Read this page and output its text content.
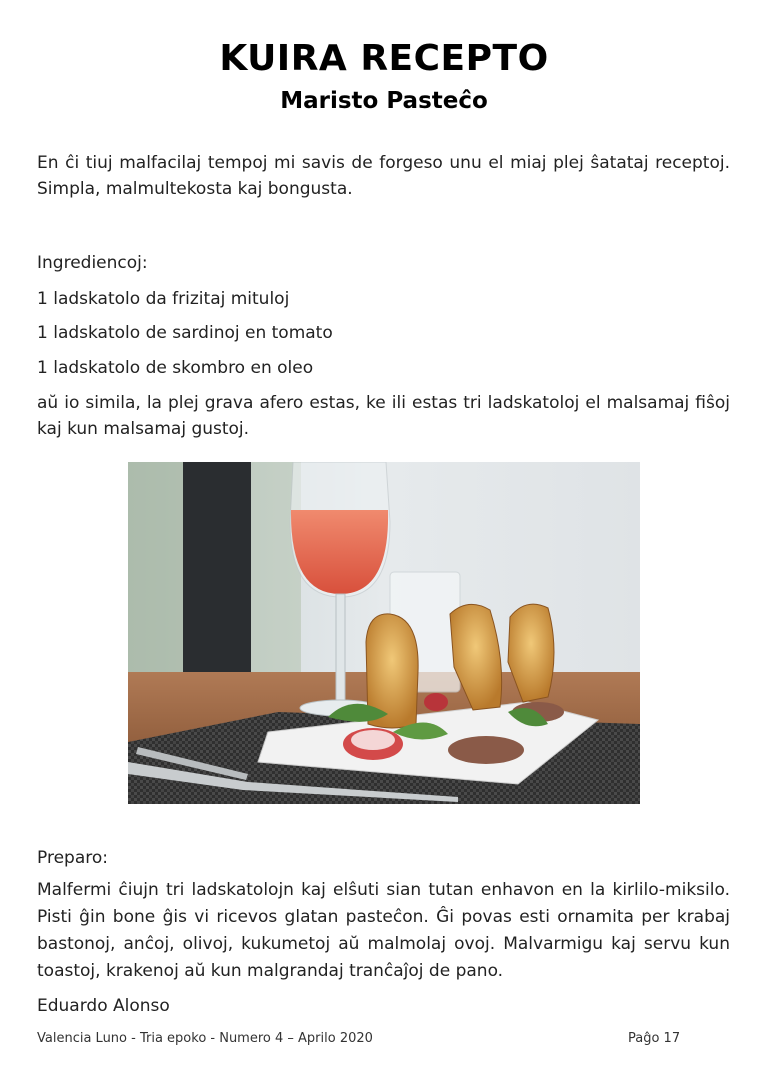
KUIRA RECEPTO
Maristo Pasteĉo
En ĉi tiuj malfacilaj tempoj mi savis de forgeso unu el miaj plej ŝatataj receptoj. Simpla, malmultekosta kaj bongusta.
Ingrediencoj:
1 ladskatolo da frizitaj mituloj
1 ladskatolo de sardinoj en tomato
1 ladskatolo de skombro en oleo
aŭ io simila, la plej grava afero estas, ke ili estas tri ladskatoloj el malsamaj fiŝoj kaj kun malsamaj gustoj.
Preparo:
Malfermi ĉiujn tri ladskatolojn kaj elŝuti sian tutan enhavon en la kirlilo-miksilo. Pisti ĝin bone ĝis vi ricevos glatan pasteĉon. Ĝi povas esti ornamita per krabaj bastonoj, anĉoj, olivoj, kukumetoj aŭ malmolaj ovoj. Malvarmigu kaj servu kun toastoj, krakenoj aŭ kun malgrandaj tranĉaĵoj de pano.
Eduardo Alonso
Valencia Luno - Tria epoko - Numero 4 – Aprilo 2020	Paĝo 17
